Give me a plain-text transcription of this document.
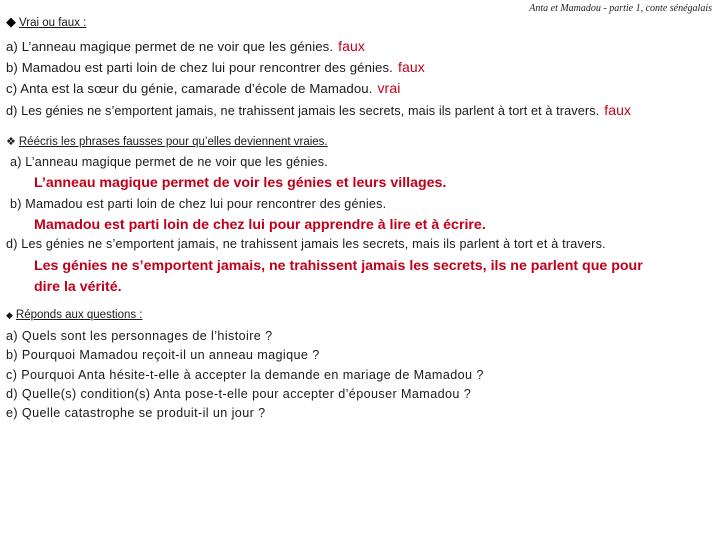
Anta et Mamadou - partie 1, conte sénégalais
◆ Vrai ou faux :
a) L’anneau magique permet de ne voir que les génies. faux
b) Mamadou est parti loin de chez lui pour rencontrer des génies. faux
c) Anta est la sœur du génie, camarade d’école de Mamadou. vrai
d) Les génies ne s’emportent jamais, ne trahissent jamais les secrets, mais ils parlent à tort et à travers. faux
❖ Réécris les phrases fausses pour qu’elles deviennent vraies.
a) L’anneau magique permet de ne voir que les génies.
L’anneau magique permet de voir les génies et leurs villages.
b) Mamadou est parti loin de chez lui pour rencontrer des génies.
Mamadou est parti loin de chez lui pour apprendre à lire et à écrire.
d) Les génies ne s’emportent jamais, ne trahissent jamais les secrets, mais ils parlent à tort et à travers.
Les génies ne s’emportent jamais, ne trahissent jamais les secrets, ils ne parlent que pour
dire la vérité.
◆ Réponds aux questions :
a) Quels sont les personnages de l’histoire ?
b) Pourquoi Mamadou reçoit-il un anneau magique ?
c) Pourquoi Anta hésite-t-elle à accepter la demande en mariage de Mamadou ?
d) Quelle(s) condition(s) Anta pose-t-elle pour accepter d’épouser Mamadou ?
e) Quelle catastrophe se produit-il un jour ?
